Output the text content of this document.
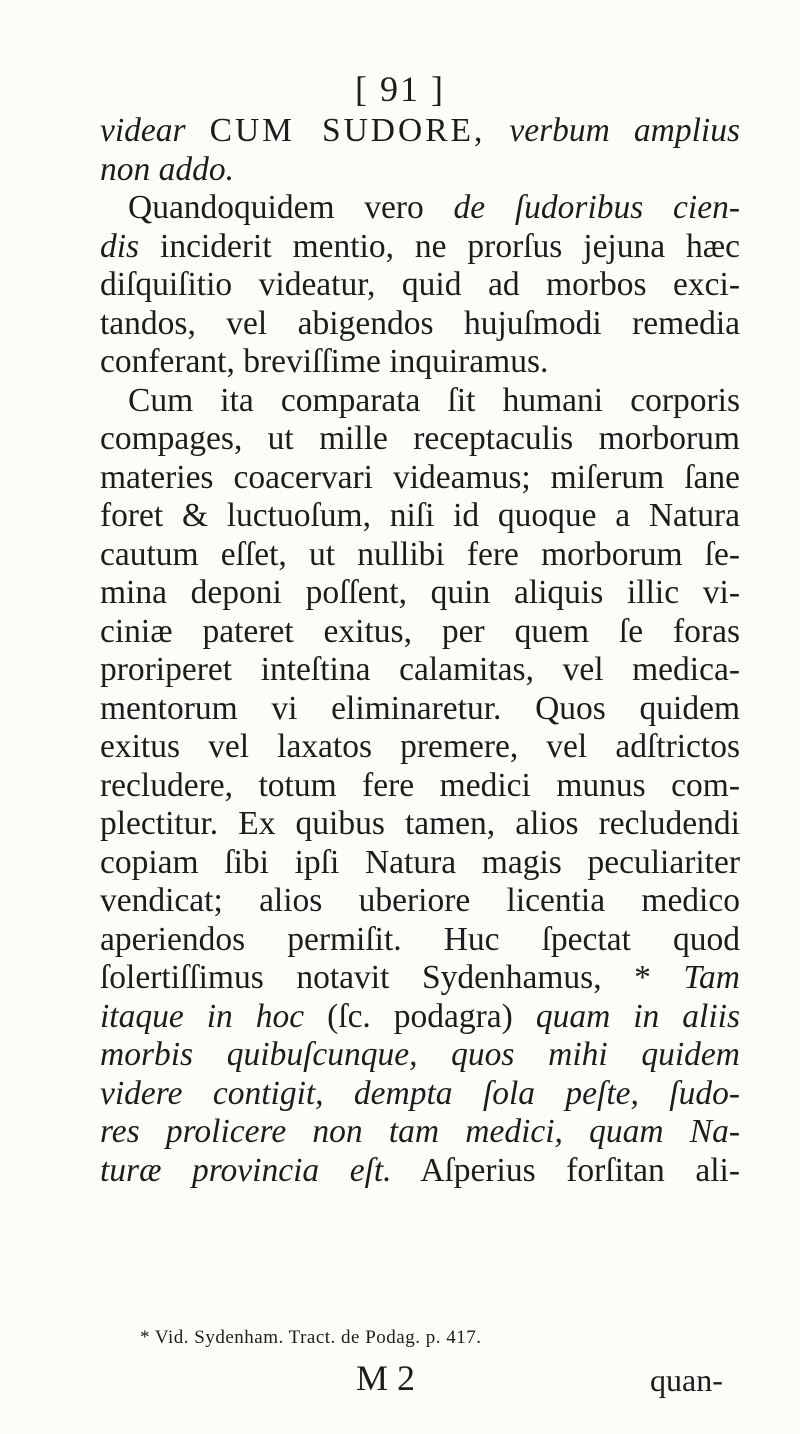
[ 91 ]
videar CUM SUDORE, verbum amplius
non addo.
Quandoquidem vero de ſudoribus cien-
dis inciderit mentio, ne prorſus jejuna hæc
diſquiſitio videatur, quid ad morbos exci-
tandos, vel abigendos hujuſmodi remedia
conferant, breviſſime inquiramus.
Cum ita comparata ſit humani corporis
compages, ut mille receptaculis morborum
materies coacervari videamus; miſerum ſane
foret & luctuoſum, niſi id quoque a Natura
cautum eſſet, ut nullibi fere morborum ſe-
mina deponi poſſent, quin aliquis illic vi-
ciniæ pateret exitus, per quem ſe foras
proriperet inteſtina calamitas, vel medica-
mentorum vi eliminaretur. Quos quidem
exitus vel laxatos premere, vel adſtrictos
recludere, totum fere medici munus com-
plectitur. Ex quibus tamen, alios recludendi
copiam ſibi ipſi Natura magis peculiariter
vendicat; alios uberiore licentia medico
aperiendos permiſit. Huc ſpectat quod
ſolertiſſimus notavit Sydenhamus, * Tam
itaque in hoc (ſc. podagra) quam in aliis
morbis quibuſcunque, quos mihi quidem
videre contigit, dempta ſola peſte, ſudo-
res prolicere non tam medici, quam Na-
turæ provincia eſt. Aſperius forſitan ali-
* Vid. Sydenham. Tract. de Podag. p. 417.
M 2	quan-
